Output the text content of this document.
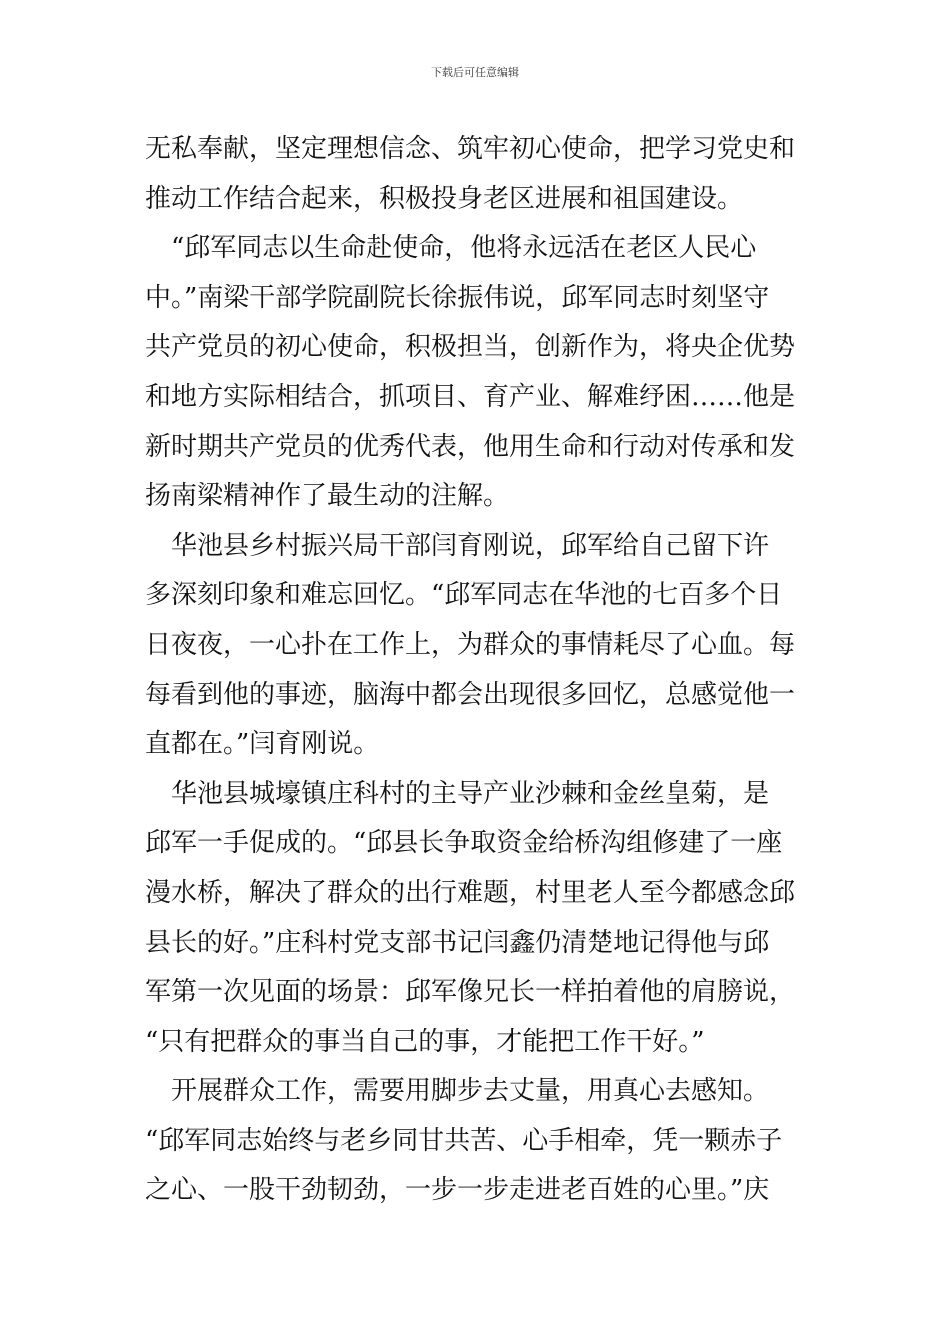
下载后可任意编辑
无私奉献，坚定理想信念、筑牢初心使命，把学习党史和
推动工作结合起来，积极投身老区进展和祖国建设。
　“邱军同志以生命赴使命，他将永远活在老区人民心
中。”南梁干部学院副院长徐振伟说，邱军同志时刻坚守
共产党员的初心使命，积极担当，创新作为，将央企优势
和地方实际相结合，抓项目、育产业、解难纾困……他是
新时期共产党员的优秀代表，他用生命和行动对传承和发
扬南梁精神作了最生动的注解。
　华池县乡村振兴局干部闫育刚说，邱军给自己留下许
多深刻印象和难忘回忆。“邱军同志在华池的七百多个日
日夜夜，一心扑在工作上，为群众的事情耗尽了心血。每
每看到他的事迹，脑海中都会出现很多回忆，总感觉他一
直都在。”闫育刚说。
　华池县城壕镇庄科村的主导产业沙棘和金丝皇菊，是
邱军一手促成的。“邱县长争取资金给桥沟组修建了一座
漫水桥，解决了群众的出行难题，村里老人至今都感念邱
县长的好。”庄科村党支部书记闫鑫仍清楚地记得他与邱
军第一次见面的场景：邱军像兄长一样拍着他的肩膀说，
“只有把群众的事当自己的事，才能把工作干好。”
　开展群众工作，需要用脚步去丈量，用真心去感知。
“邱军同志始终与老乡同甘共苦、心手相牵，凭一颗赤子
之心、一股干劲韧劲，一步一步走进老百姓的心里。”庆
